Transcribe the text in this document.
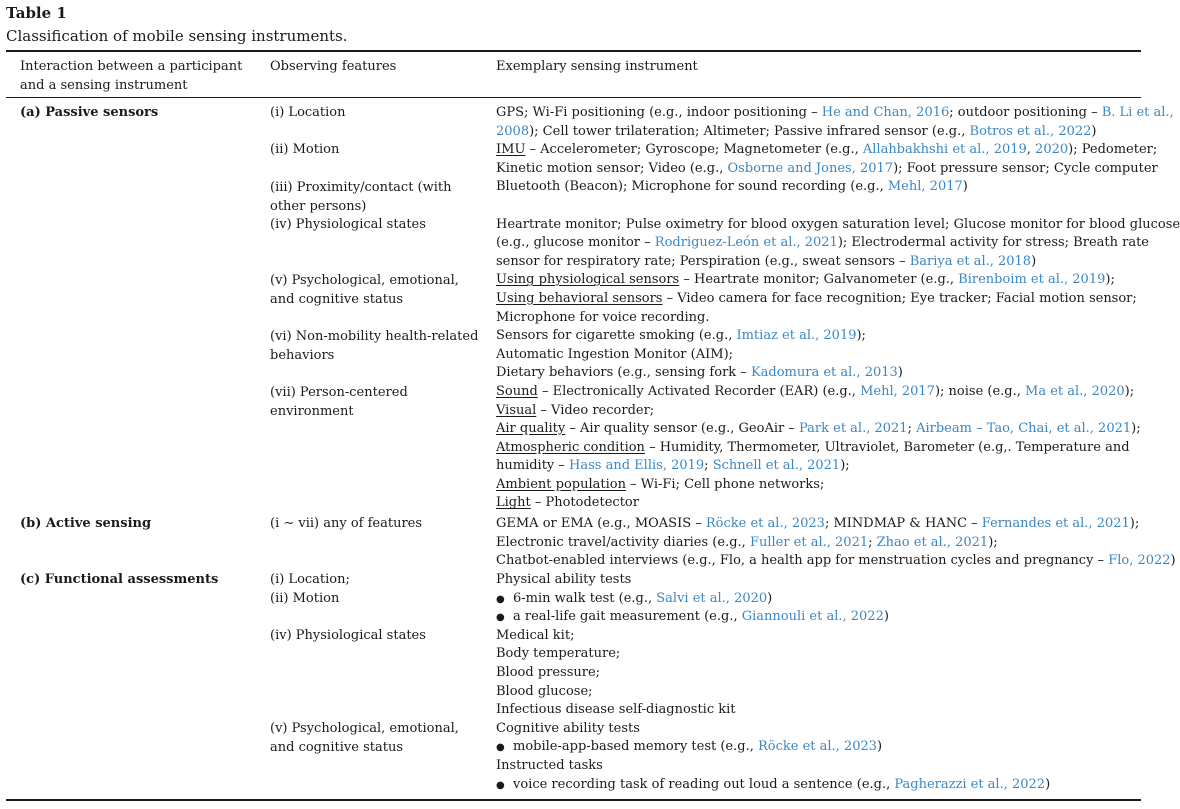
Table 1
Classification of mobile sensing instruments.
Interaction between a participant
and a sensing instrument
Observing features	Exemplary sensing instrument
(a) Passive sensors
(b) Active sensing
(c) Functional assessments
(i) Location
(ii) Motion
(iii) Proximity/contact (with
other persons)
(iv) Physiological states
(v) Psychological, emotional,
and cognitive status
(vi) Non-mobility health-related
behaviors
(vii) Person-centered
environment
(i ∼ vii) any of features
(i) Location;
(ii) Motion
(iv) Physiological states
(v) Psychological, emotional,
and cognitive status
GPS; Wi-Fi positioning (e.g., indoor positioning – He and Chan, 2016; outdoor positioning – B. Li et al.,
2008); Cell tower trilateration; Altimeter; Passive infrared sensor (e.g., Botros et al., 2022)
IMU – Accelerometer; Gyroscope; Magnetometer (e.g., Allahbakhshi et al., 2019, 2020); Pedometer;
Kinetic motion sensor; Video (e.g., Osborne and Jones, 2017); Foot pressure sensor; Cycle computer
Bluetooth (Beacon); Microphone for sound recording (e.g., Mehl, 2017)
Heartrate monitor; Pulse oximetry for blood oxygen saturation level; Glucose monitor for blood glucose
(e.g., glucose monitor – Rodriguez-León et al., 2021); Electrodermal activity for stress; Breath rate
sensor for respiratory rate; Perspiration (e.g., sweat sensors – Bariya et al., 2018)
Using physiological sensors – Heartrate monitor; Galvanometer (e.g., Birenboim et al., 2019);
Using behavioral sensors – Video camera for face recognition; Eye tracker; Facial motion sensor;
Microphone for voice recording.
Sensors for cigarette smoking (e.g., Imtiaz et al., 2019);
Automatic Ingestion Monitor (AIM);
Dietary behaviors (e.g., sensing fork – Kadomura et al., 2013)
Sound – Electronically Activated Recorder (EAR) (e.g., Mehl, 2017); noise (e.g., Ma et al., 2020);
Visual – Video recorder;
Air quality – Air quality sensor (e.g., GeoAir – Park et al., 2021; Airbeam – Tao, Chai, et al., 2021);
Atmospheric condition – Humidity, Thermometer, Ultraviolet, Barometer (e.g,. Temperature and
humidity – Hass and Ellis, 2019; Schnell et al., 2021);
Ambient population – Wi-Fi; Cell phone networks;
Light – Photodetector
GEMA or EMA (e.g., MOASIS – Röcke et al., 2023; MINDMAP & HANC – Fernandes et al., 2021);
Electronic travel/activity diaries (e.g., Fuller et al., 2021; Zhao et al., 2021);
Chatbot-enabled interviews (e.g., Flo, a health app for menstruation cycles and pregnancy – Flo, 2022)
Physical ability tests
● 6-min walk test (e.g., Salvi et al., 2020)
● a real-life gait measurement (e.g., Giannouli et al., 2022)
Medical kit;
Body temperature;
Blood pressure;
Blood glucose;
Infectious disease self-diagnostic kit
Cognitive ability tests
● mobile-app-based memory test (e.g., Röcke et al., 2023)
Instructed tasks
● voice recording task of reading out loud a sentence (e.g., Pagherazzi et al., 2022)
